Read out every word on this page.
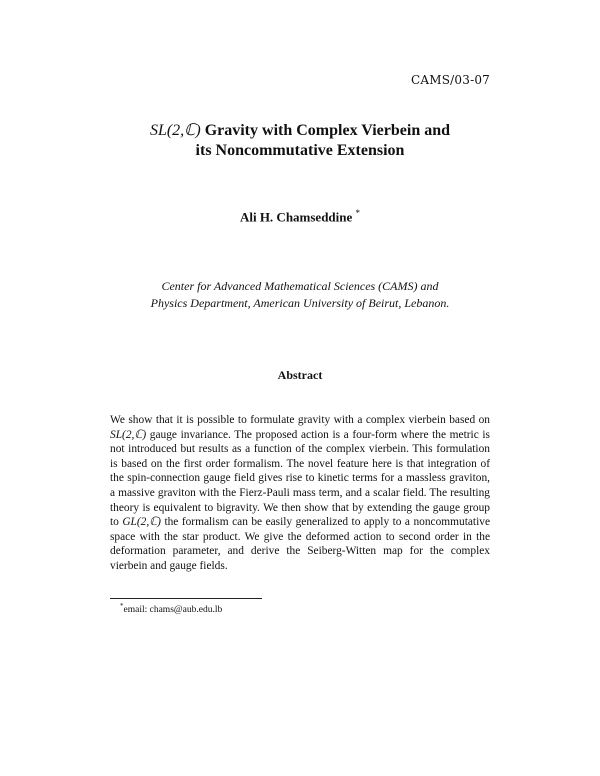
CAMS/03-07
SL(2,ℂ) Gravity with Complex Vierbein and
its Noncommutative Extension
Ali H. Chamseddine *
Center for Advanced Mathematical Sciences (CAMS) and
Physics Department, American University of Beirut, Lebanon.
Abstract
We show that it is possible to formulate gravity with a complex vierbein based on SL(2,ℂ) gauge invariance. The proposed action is a four-form where the metric is not introduced but results as a function of the complex vierbein. This formulation is based on the first order formalism. The novel feature here is that integration of the spin-connection gauge field gives rise to kinetic terms for a massless graviton, a massive graviton with the Fierz-Pauli mass term, and a scalar field. The resulting theory is equivalent to bigravity. We then show that by extending the gauge group to GL(2,ℂ) the formalism can be easily generalized to apply to a noncommutative space with the star product. We give the deformed action to second order in the deformation parameter, and derive the Seiberg-Witten map for the complex vierbein and gauge fields.
*email: chams@aub.edu.lb
